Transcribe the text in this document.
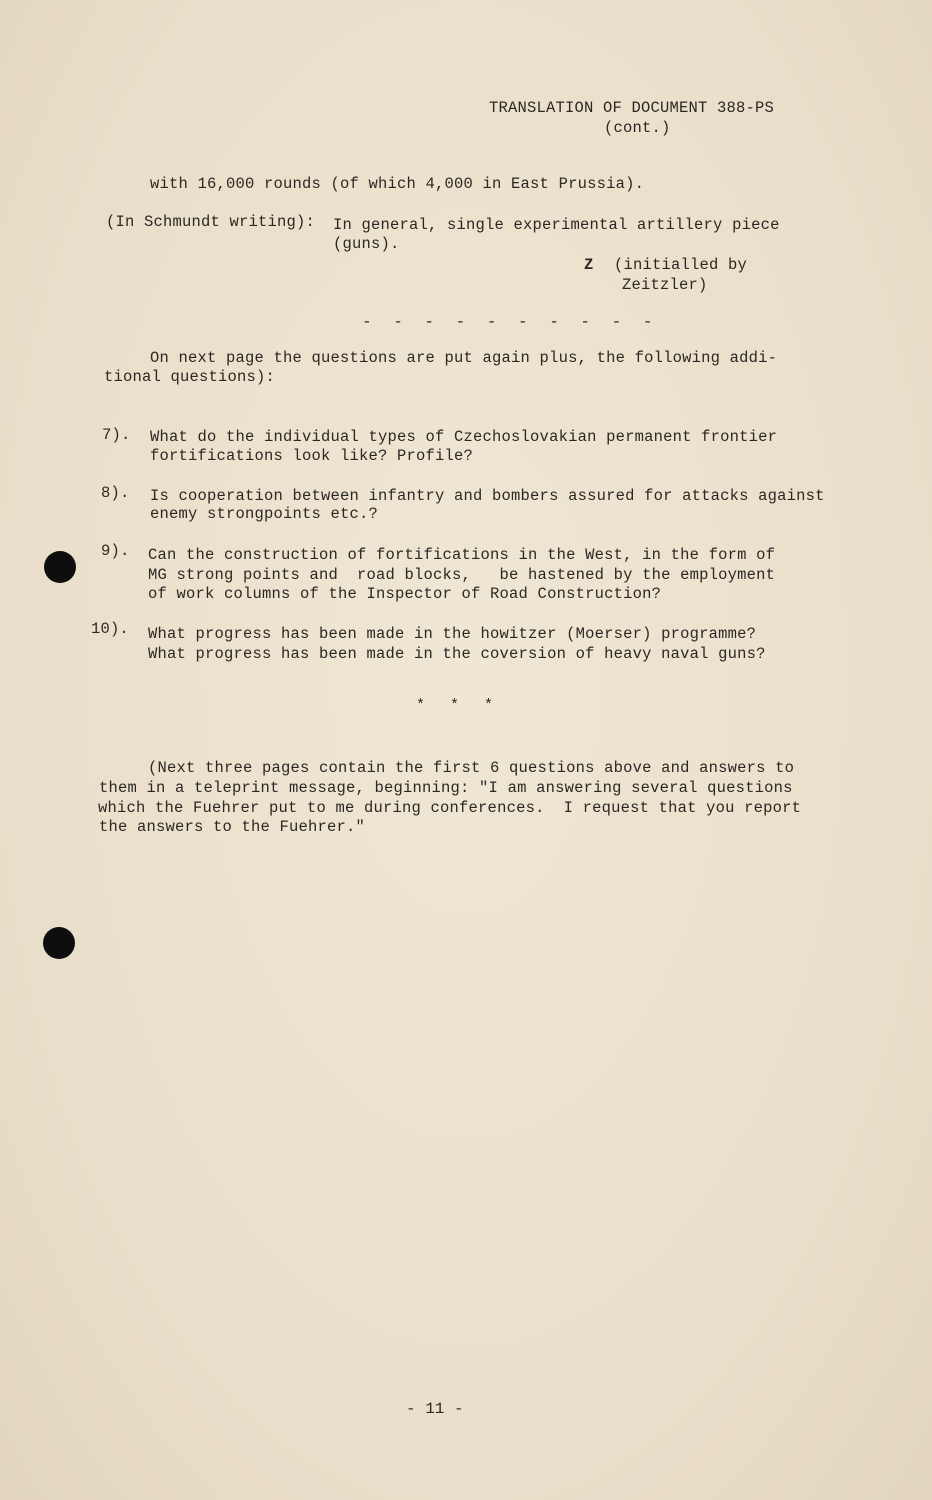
TRANSLATION OF DOCUMENT 388-PS
(cont.)
with 16,000 rounds (of which 4,000 in East Prussia).
(In Schmundt writing): In general, single experimental artillery piece
(guns).
Z (initialled by
Zeitzler)
- - - - - - - - - -
On next page the questions are put again plus, the following addi-
tional questions):
7). What do the individual types of Czechoslovakian permanent frontier
fortifications look like? Profile?
8). Is cooperation between infantry and bombers assured for attacks against
enemy strongpoints etc.?
9). Can the construction of fortifications in the West, in the form of
MG strong points and  road blocks,   be hastened by the employment
of work columns of the Inspector of Road Construction?
10). What progress has been made in the howitzer (Moerser) programme?
What progress has been made in the coversion of heavy naval guns?
* * *
(Next three pages contain the first 6 questions above and answers to
them in a teleprint message, beginning: "I am answering several questions
which the Fuehrer put to me during conferences.  I request that you report
the answers to the Fuehrer."
- 11 -
